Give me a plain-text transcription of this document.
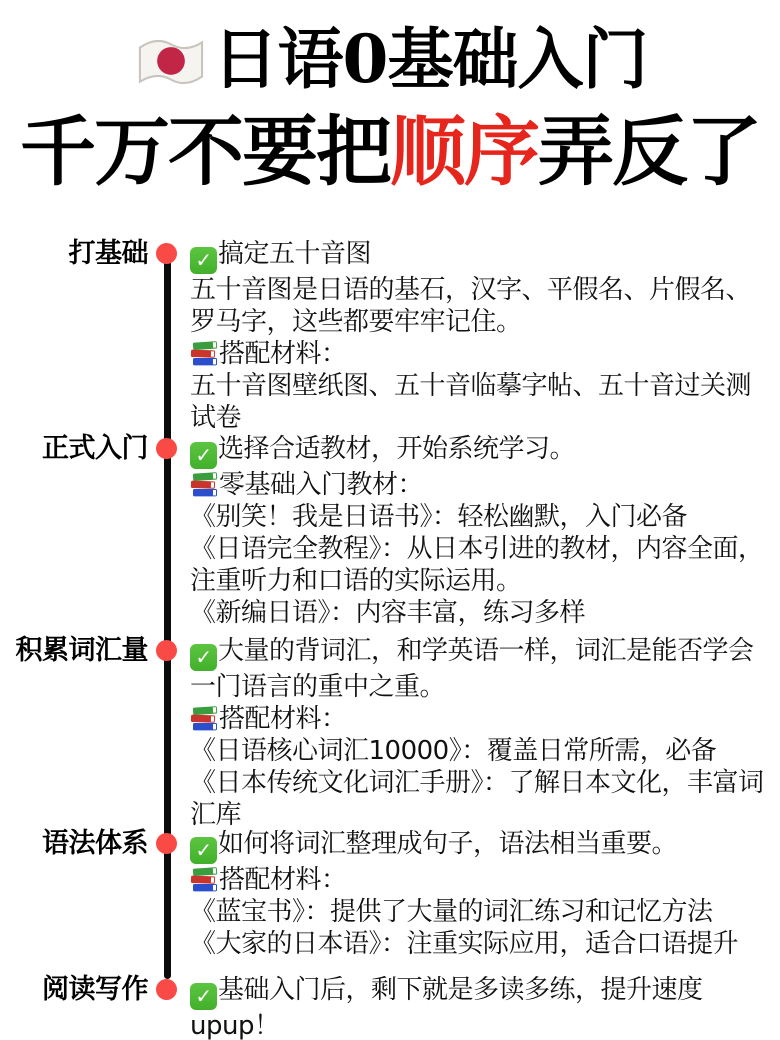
日语0基础入门
千万不要把顺序弄反了
打基础 ✓ 搞定五十音图
五十音图是日语的基石，汉字、平假名、片假名、罗马字，这些都要牢牢记住。
搭配材料：
五十音图壁纸图、五十音临摹字帖、五十音过关测试卷
正式入门 ✓ 选择合适教材，开始系统学习。
零基础入门教材：
《别笑！我是日语书》：轻松幽默，入门必备
《日语完全教程》：从日本引进的教材，内容全面，注重听力和口语的实际运用。
《新编日语》：内容丰富，练习多样
积累词汇量 ✓ 大量的背词汇，和学英语一样，词汇是能否学会一门语言的重中之重。
搭配材料：
《日语核心词汇10000》：覆盖日常所需，必备
《日本传统文化词汇手册》：了解日本文化，丰富词汇库
语法体系 ✓ 如何将词汇整理成句子，语法相当重要。
搭配材料：
《蓝宝书》：提供了大量的词汇练习和记忆方法
《大家的日本语》：注重实际应用，适合口语提升
阅读写作 ✓ 基础入门后，剩下就是多读多练，提升速度upup！
